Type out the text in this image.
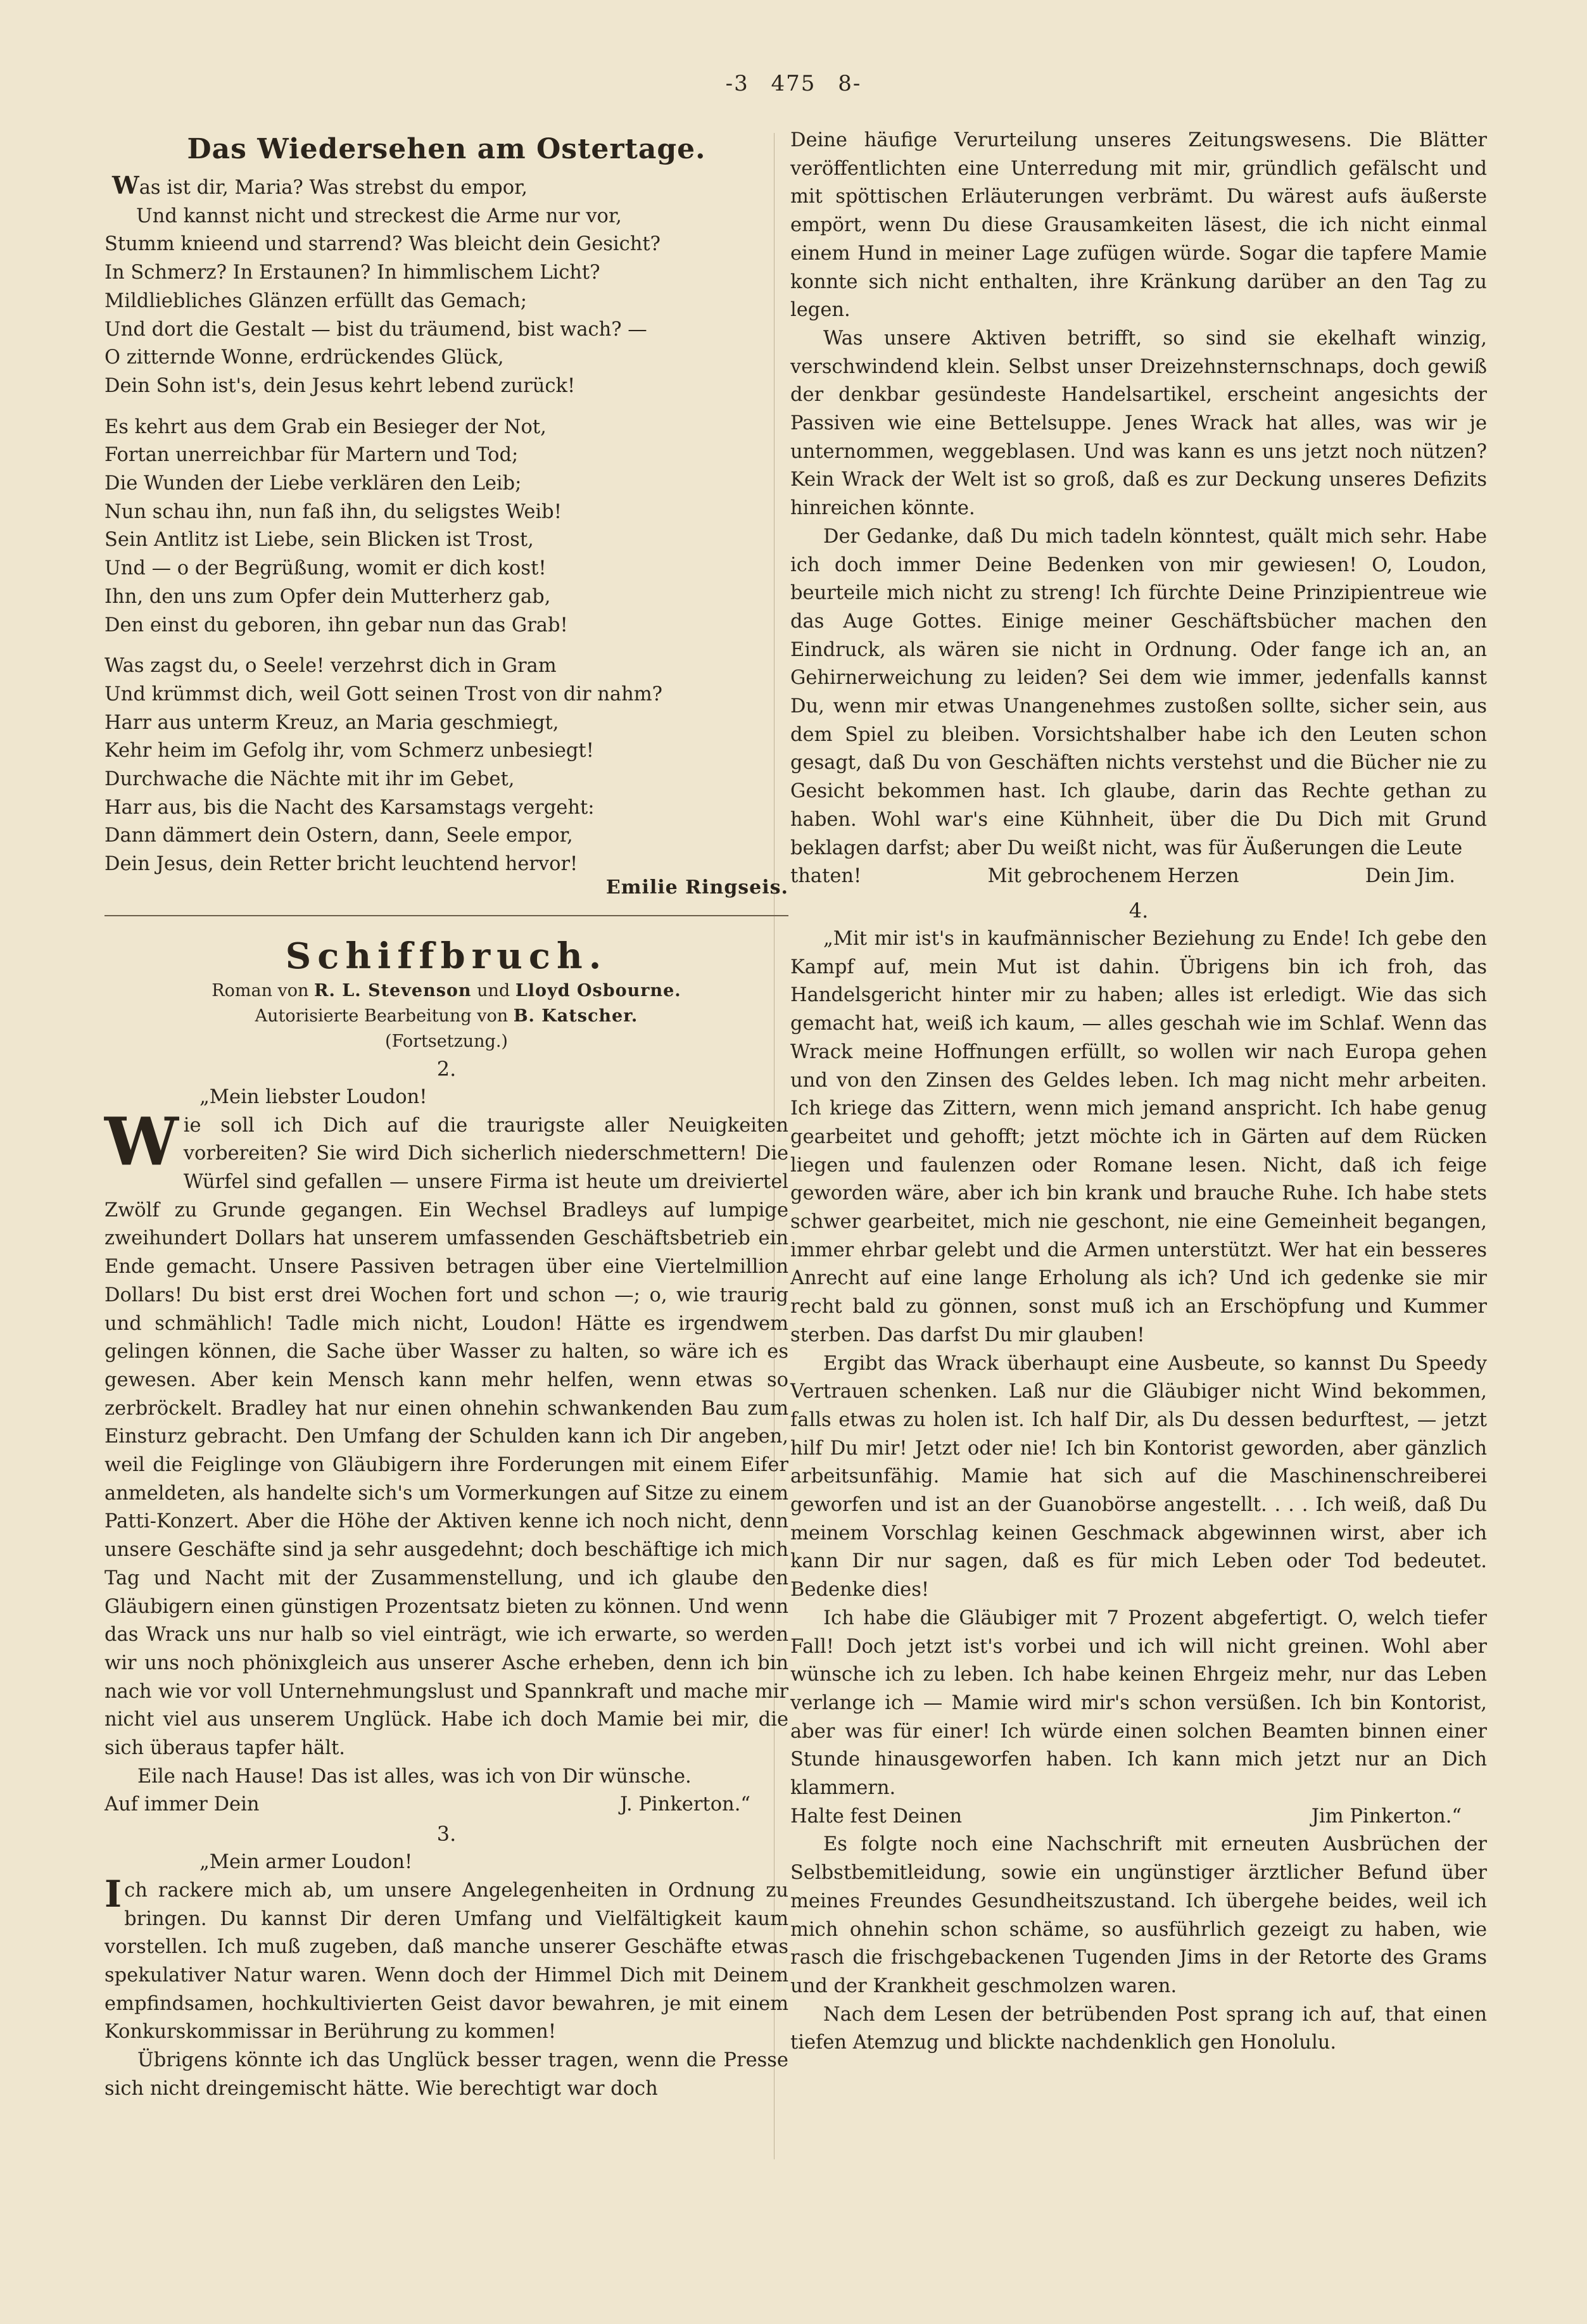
-3 475 8-
Das Wiedersehen am Ostertage.
Was ist dir, Maria? Was strebst du empor,
Und kannst nicht und streckest die Arme nur vor,
Stumm knieend und starrend? Was bleicht dein Gesicht?
In Schmerz? In Erstaunen? In himmlischem Licht?
Mildliebliches Glänzen erfüllt das Gemach;
Und dort die Gestalt — bist du träumend, bist wach? —
O zitternde Wonne, erdrückendes Glück,
Dein Sohn ist's, dein Jesus kehrt lebend zurück!
Es kehrt aus dem Grab ein Besieger der Not,
Fortan unerreichbar für Martern und Tod;
Die Wunden der Liebe verklären den Leib;
Nun schau ihn, nun faß ihn, du seligstes Weib!
Sein Antlitz ist Liebe, sein Blicken ist Trost,
Und — o der Begrüßung, womit er dich kost!
Ihn, den uns zum Opfer dein Mutterherz gab,
Den einst du geboren, ihn gebar nun das Grab!
Was zagst du, o Seele! verzehrst dich in Gram
Und krümmst dich, weil Gott seinen Trost von dir nahm?
Harr aus unterm Kreuz, an Maria geschmiegt,
Kehr heim im Gefolg ihr, vom Schmerz unbesiegt!
Durchwache die Nächte mit ihr im Gebet,
Harr aus, bis die Nacht des Karsamstags vergeht:
Dann dämmert dein Ostern, dann, Seele empor,
Dein Jesus, dein Retter bricht leuchtend hervor!
Emilie Ringseis.
Schiffbruch.
Roman von R. L. Stevenson und Lloyd Osbourne.
Autorisierte Bearbeitung von B. Katscher.
(Fortsetzung.)
2.
„Mein liebster Loudon!

Wie soll ich Dich auf die traurigste aller Neuigkeiten vorbereiten? Sie wird Dich sicherlich niederschmettern! Die Würfel sind gefallen — unsere Firma ist heute um dreiviertel Zwölf zu Grunde gegangen. Ein Wechsel Bradleys auf lumpige zweihundert Dollars hat unserem umfassenden Geschäftsbetrieb ein Ende gemacht. Unsere Passiven betragen über eine Viertelmillion Dollars! Du bist erst drei Wochen fort und schon —; o, wie traurig und schmählich! Tadle mich nicht, Loudon! Hätte es irgendwem gelingen können, die Sache über Wasser zu halten, so wäre ich es gewesen. Aber kein Mensch kann mehr helfen, wenn etwas so zerbröckelt. Bradley hat nur einen ohnehin schwankenden Bau zum Einsturz gebracht. Den Umfang der Schulden kann ich Dir angeben, weil die Feiglinge von Gläubigern ihre Forderungen mit einem Eifer anmeldeten, als handelte sich's um Vormerkungen auf Sitze zu einem Patti-Konzert. Aber die Höhe der Aktiven kenne ich noch nicht, denn unsere Geschäfte sind ja sehr ausgedehnt; doch beschäftige ich mich Tag und Nacht mit der Zusammenstellung, und ich glaube den Gläubigern einen günstigen Prozentsatz bieten zu können. Und wenn das Wrack uns nur halb so viel einträgt, wie ich erwarte, so werden wir uns noch phönixgleich aus unserer Asche erheben, denn ich bin nach wie vor voll Unternehmungslust und Spannkraft und mache mir nicht viel aus unserem Unglück. Habe ich doch Mamie bei mir, die sich überaus tapfer hält.

Eile nach Hause! Das ist alles, was ich von Dir wünsche.

Auf immer Dein	J. Pinkerton.“
3.
„Mein armer Loudon!

Ich rackere mich ab, um unsere Angelegenheiten in Ordnung zu bringen. Du kannst Dir deren Umfang und Vielfältigkeit kaum vorstellen. Ich muß zugeben, daß manche unserer Geschäfte etwas spekulativer Natur waren. Wenn doch der Himmel Dich mit Deinem empfindsamen, hochkultivierten Geist davor bewahren, je mit einem Konkurskommissar in Berührung zu kommen!

Übrigens könnte ich das Unglück besser tragen, wenn die Presse sich nicht dreingemischt hätte. Wie berechtigt war doch

Deine häufige Verurteilung unseres Zeitungswesens. Die Blätter veröffentlichten eine Unterredung mit mir, gründlich gefälscht und mit spöttischen Erläuterungen verbrämt. Du wärest aufs äußerste empört, wenn Du diese Grausamkeiten läsest, die ich nicht einmal einem Hund in meiner Lage zufügen würde. Sogar die tapfere Mamie konnte sich nicht enthalten, ihre Kränkung darüber an den Tag zu legen.

Was unsere Aktiven betrifft, so sind sie ekelhaft winzig, verschwindend klein. Selbst unser Dreizehnsternschnaps, doch gewiß der denkbar gesündeste Handelsartikel, erscheint angesichts der Passiven wie eine Bettelsuppe. Jenes Wrack hat alles, was wir je unternommen, weggeblasen. Und was kann es uns jetzt noch nützen? Kein Wrack der Welt ist so groß, daß es zur Deckung unseres Defizits hinreichen könnte.

Der Gedanke, daß Du mich tadeln könntest, quält mich sehr. Habe ich doch immer Deine Bedenken von mir gewiesen! O, Loudon, beurteile mich nicht zu streng! Ich fürchte Deine Prinzipientreue wie das Auge Gottes. Einige meiner Geschäftsbücher machen den Eindruck, als wären sie nicht in Ordnung. Oder fange ich an, an Gehirnerweichung zu leiden? Sei dem wie immer, jedenfalls kannst Du, wenn mir etwas Unangenehmes zustoßen sollte, sicher sein, aus dem Spiel zu bleiben. Vorsichtshalber habe ich den Leuten schon gesagt, daß Du von Geschäften nichts verstehst und die Bücher nie zu Gesicht bekommen hast. Ich glaube, darin das Rechte gethan zu haben. Wohl war's eine Kühnheit, über die Du Dich mit Grund beklagen darfst; aber Du weißt nicht, was für Äußerungen die Leute

thaten!	Mit gebrochenem Herzen	Dein Jim.
4.

„Mit mir ist's in kaufmännischer Beziehung zu Ende! Ich gebe den Kampf auf, mein Mut ist dahin. Übrigens bin ich froh, das Handelsgericht hinter mir zu haben; alles ist erledigt. Wie das sich gemacht hat, weiß ich kaum, — alles geschah wie im Schlaf. Wenn das Wrack meine Hoffnungen erfüllt, so wollen wir nach Europa gehen und von den Zinsen des Geldes leben. Ich mag nicht mehr arbeiten. Ich kriege das Zittern, wenn mich jemand anspricht. Ich habe genug gearbeitet und gehofft; jetzt möchte ich in Gärten auf dem Rücken liegen und faulenzen oder Romane lesen. Nicht, daß ich feige geworden wäre, aber ich bin krank und brauche Ruhe. Ich habe stets schwer gearbeitet, mich nie geschont, nie eine Gemeinheit begangen, immer ehrbar gelebt und die Armen unterstützt. Wer hat ein besseres Anrecht auf eine lange Erholung als ich? Und ich gedenke sie mir recht bald zu gönnen, sonst muß ich an Erschöpfung und Kummer sterben. Das darfst Du mir glauben!

Ergibt das Wrack überhaupt eine Ausbeute, so kannst Du Speedy Vertrauen schenken. Laß nur die Gläubiger nicht Wind bekommen, falls etwas zu holen ist. Ich half Dir, als Du dessen bedurftest, — jetzt hilf Du mir! Jetzt oder nie! Ich bin Kontorist geworden, aber gänzlich arbeitsunfähig. Mamie hat sich auf die Maschinenschreiberei geworfen und ist an der Guanobörse angestellt. . . . Ich weiß, daß Du meinem Vorschlag keinen Geschmack abgewinnen wirst, aber ich kann Dir nur sagen, daß es für mich Leben oder Tod bedeutet. Bedenke dies!

Ich habe die Gläubiger mit 7 Prozent abgefertigt. O, welch tiefer Fall! Doch jetzt ist's vorbei und ich will nicht greinen. Wohl aber wünsche ich zu leben. Ich habe keinen Ehrgeiz mehr, nur das Leben verlange ich — Mamie wird mir's schon versüßen. Ich bin Kontorist, aber was für einer! Ich würde einen solchen Beamten binnen einer Stunde hinausgeworfen haben. Ich kann mich jetzt nur an Dich klammern.

Halte fest Deinen	Jim Pinkerton.“

Es folgte noch eine Nachschrift mit erneuten Ausbrüchen der Selbstbemitleidung, sowie ein ungünstiger ärztlicher Befund über meines Freundes Gesundheitszustand. Ich übergehe beides, weil ich mich ohnehin schon schäme, so ausführlich gezeigt zu haben, wie rasch die frischgebackenen Tugenden Jims in der Retorte des Grams und der Krankheit geschmolzen waren.

Nach dem Lesen der betrübenden Post sprang ich auf, that einen tiefen Atemzug und blickte nachdenklich gen Honolulu.
